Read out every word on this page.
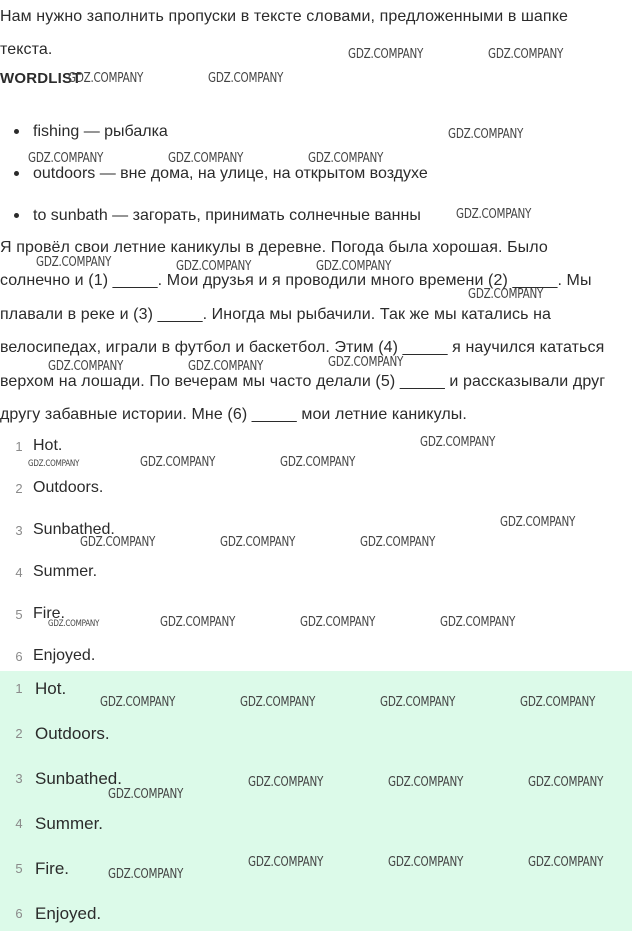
Нам нужно заполнить пропуски в тексте словами, предложенными в шапке
текста.
WORDLIST
fishing — рыбалка
outdoors — вне дома, на улице, на открытом воздухе
to sunbath — загорать, принимать солнечные ванны
Я провёл свои летние каникулы в деревне. Погода была хорошая. Было
солнечно и (1) _____. Мои друзья и я проводили много времени (2) _____. Мы
плавали в реке и (3) _____. Иногда мы рыбачили. Так же мы катались на
велосипедах, играли в футбол и баскетбол. Этим (4) _____ я научился кататься
верхом на лошади. По вечерам мы часто делали (5) _____ и рассказывали друг
другу забавные истории. Мне (6) _____ мои летние каникулы.
1 Hot.
2 Outdoors.
3 Sunbathed.
4 Summer.
5 Fire.
6 Enjoyed.
1 Hot.
2 Outdoors.
3 Sunbathed.
4 Summer.
5 Fire.
6 Enjoyed.
GDZ.COMPANY	GDZ.COMPANY
GDZ.COMPANY	GDZ.COMPANY
GDZ.COMPANY
GDZ.COMPANY	GDZ.COMPANY	GDZ.COMPANY
GDZ.COMPANY
GDZ.COMPANY	GDZ.COMPANY	GDZ.COMPANY
GDZ.COMPANY
GDZ.COMPANY
GDZ.COMPANY	GDZ.COMPANY
GDZ.COMPANY
GDZ.COMPANY	GDZ.COMPANY	GDZ.COMPANY
GDZ.COMPANY
GDZ.COMPANY	GDZ.COMPANY	GDZ.COMPANY
GDZ.COMPANY	GDZ.COMPANY	GDZ.COMPANY	GDZ.COMPANY
GDZ.COMPANY	GDZ.COMPANY	GDZ.COMPANY	GDZ.COMPANY
GDZ.COMPANY	GDZ.COMPANY	GDZ.COMPANY
GDZ.COMPANY
GDZ.COMPANY	GDZ.COMPANY	GDZ.COMPANY
GDZ.COMPANY
